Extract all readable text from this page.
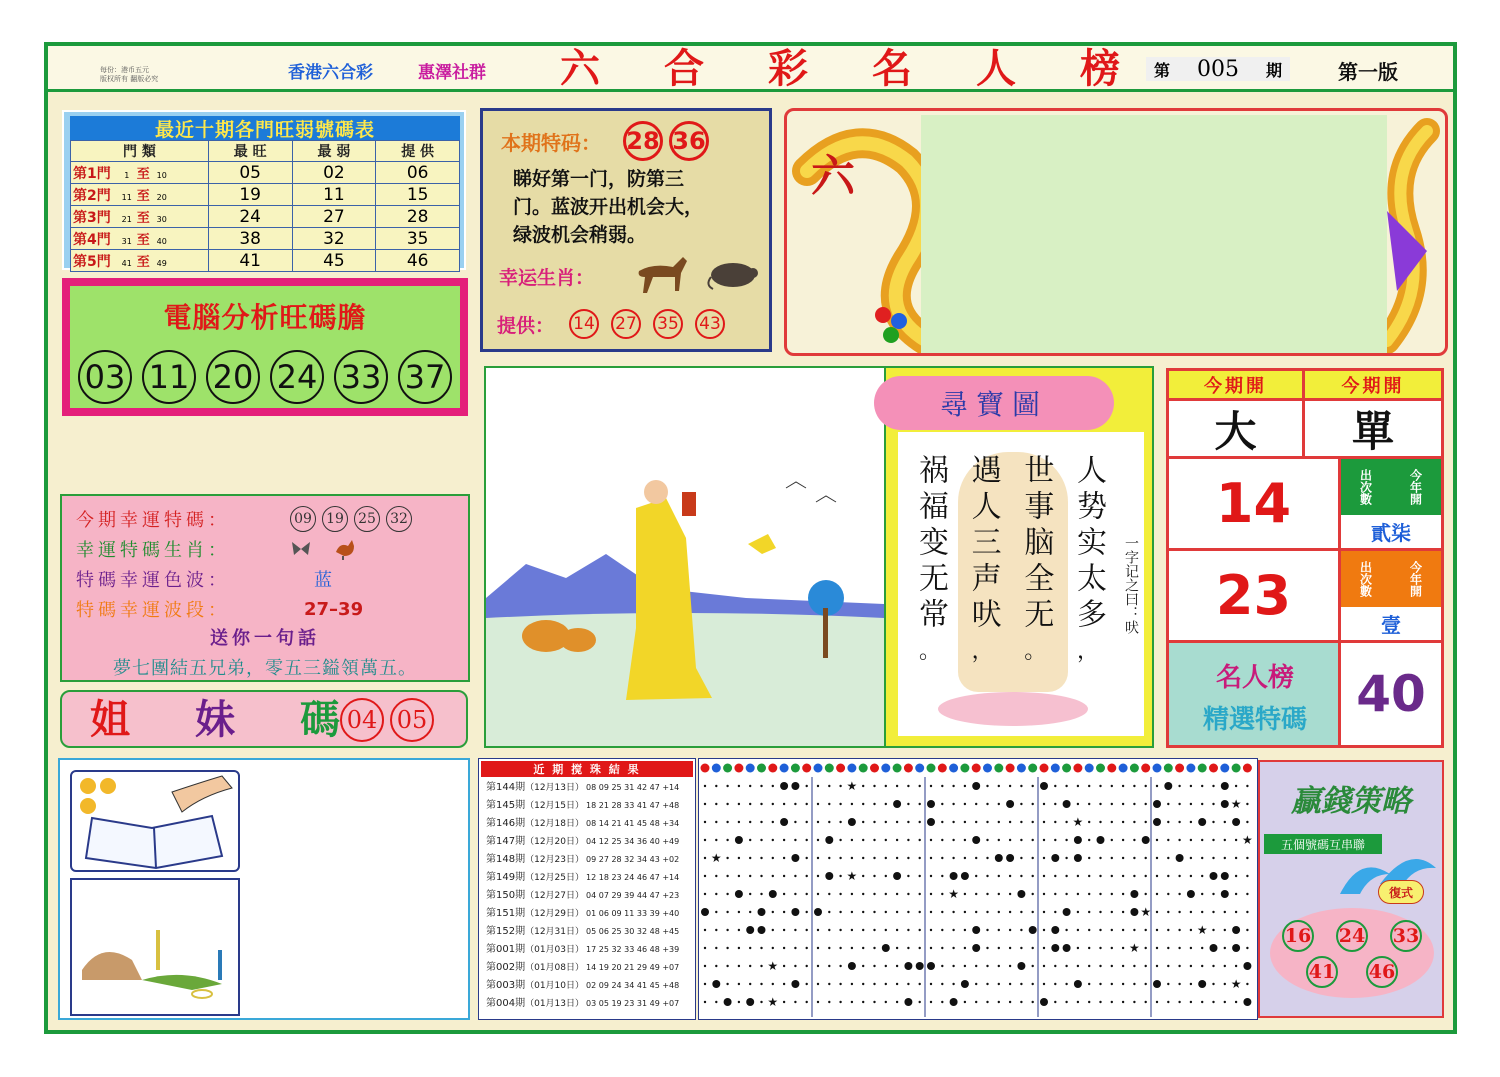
每份：港币五元
版权所有 翻版必究	香港六合彩	惠澤社群 六 合 彩 名 人 榜 第 005 期	第一版
最近十期各門旺弱號碼表
門 類	最 旺	最 弱	提 供
第1門 1 至 10	05	02	06
第2門 11 至 20	19	11	15
第3門 21 至 30	24	27	28
第4門 31 至 40	38	32	35
第5門 41 至 49	41	45	46
電腦分析旺碼膽
03 11 20 24 33 37
本期特码： 28 36
睇好第一门，防第三
门。蓝波开出机会大，
绿波机会稍弱。
幸运生肖：
提供： 14 27 35 43
六
今期幸運特碼：	09 19 25 32
幸運特碼生肖：
特碼幸運色波：	蓝
特碼幸運波段：	27–39
送你一句話
夢七團結五兄弟，零五三鎰領萬五。
姐 妹 碼 04 05
尋寶圖
人势实太多
，
世事脑全无
。
遇人三声吠
，
祸福变无常
。
一字记之曰：吠
今期開	今期開
大	單
14	出次數	今年開
貳柒
23	出次數	今年開
壹
名人榜
精選特碼 40
近 期 搅 珠 結 果
第144期（12月13日） 08 09 25 31 42 47 +14
第145期（12月15日） 18 21 28 33 41 47 +48
第146期（12月18日） 08 14 21 41 45 48 +34
第147期（12月20日） 04 12 25 34 36 40 +49
第148期（12月23日） 09 27 28 32 34 43 +02
第149期（12月25日） 12 18 23 24 46 47 +14
第150期（12月27日） 04 07 29 39 44 47 +23
第151期（12月29日） 01 06 09 11 33 39 +40
第152期（12月31日） 05 06 25 30 32 48 +45
第001期（01月03日） 17 25 32 33 46 48 +39
第002期（01月08日） 14 19 20 21 29 49 +07
第003期（01月10日） 02 09 24 34 41 45 +48
第004期（01月13日） 03 05 19 23 31 49 +07
★
★
★
★
★
★
★
★
★
★
★
★
★
贏錢策略
五個號碼互串聯
復式
16 24 33
41 46
